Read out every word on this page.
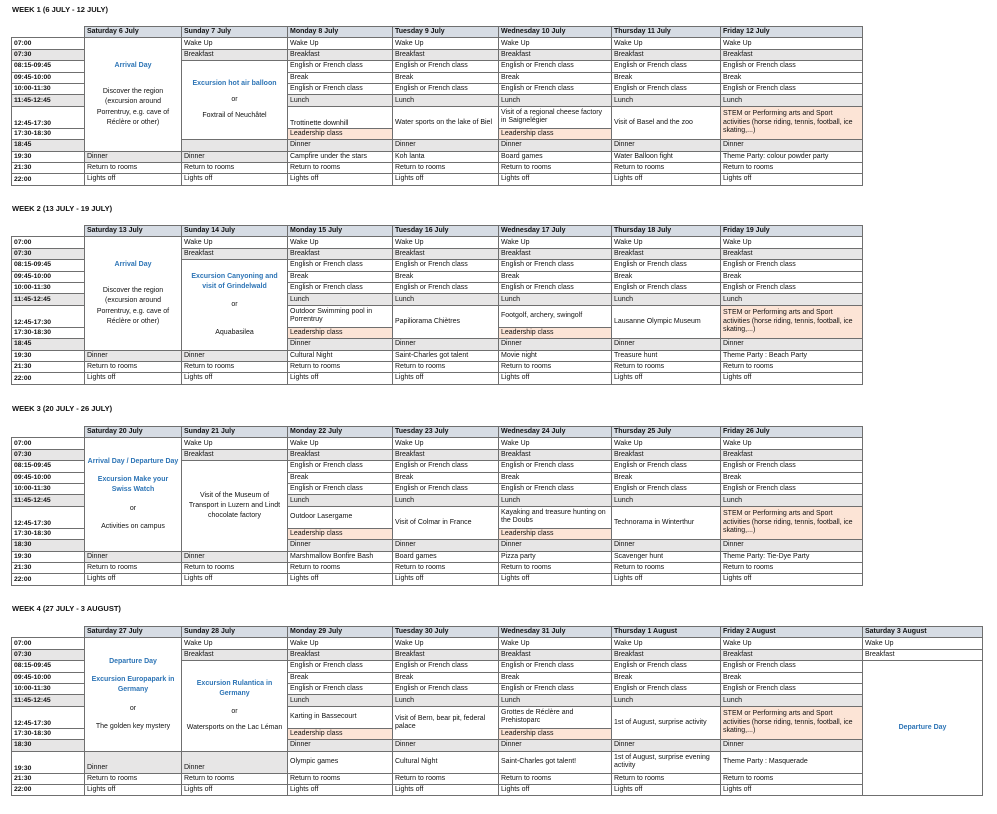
WEEK 1 (6 JULY - 12 JULY)
	Saturday 6 July	Sunday 7 July	Monday 8 July	Tuesday 9 July	Wednesday 10 July	Thursday 11 July	Friday 12 July
07:00	Arrival Day
Discover the region
(excursion around
Porrentruy, e.g. cave of
Réclère or other)	Wake Up	Wake Up	Wake Up	Wake Up	Wake Up	Wake Up
07:30		Breakfast	Breakfast	Breakfast	Breakfast	Breakfast	Breakfast
08:15-09:45		Excursion hot air balloon
or
Foxtrail of Neuchâtel	English or French class	English or French class	English or French class	English or French class	English or French class
09:45-10:00			Break	Break	Break	Break	Break
10:00-11:30			English or French class	English or French class	English or French class	English or French class	English or French class
11:45-12:45			Lunch	Lunch	Lunch	Lunch	Lunch
12:45-17:30			Trottinette downhill	Water sports on the lake of Biel	Visit of a regional cheese factory in Saignelégier	Visit of Basel and the zoo	STEM or Performing arts and Sport activities (horse riding, tennis, football, ice skating,...)
17:30-18:30			Leadership class		Leadership class		
18:45			Dinner	Dinner	Dinner	Dinner	Dinner
19:30	Dinner	Dinner	Campfire under the stars	Koh lanta	Board games	Water Balloon fight	Theme Party: colour powder party
21:30	Return to rooms	Return to rooms	Return to rooms	Return to rooms	Return to rooms	Return to rooms	Return to rooms
22:00	Lights off	Lights off	Lights off	Lights off	Lights off	Lights off	Lights off
WEEK 2 (13 JULY - 19 JULY)
	Saturday 13 July	Sunday 14 July	Monday 15 July	Tuesday 16 July	Wednesday 17 July	Thursday 18 July	Friday 19 July
07:00	Arrival Day
Discover the region
(excursion around
Porrentruy, e.g. cave of
Réclère or other)	Wake Up	Wake Up	Wake Up	Wake Up	Wake Up	Wake Up
07:30		Breakfast	Breakfast	Breakfast	Breakfast	Breakfast	Breakfast
08:15-09:45		Excursion Canyoning and visit of Grindelwald
or
Aquabasilea	English or French class	English or French class	English or French class	English or French class	English or French class
09:45-10:00			Break	Break	Break	Break	Break
10:00-11:30			English or French class	English or French class	English or French class	English or French class	English or French class
11:45-12:45			Lunch	Lunch	Lunch	Lunch	Lunch
12:45-17:30			Outdoor Swimming pool in Porrentruy	Papiliorama Chiètres	Footgolf, archery, swingolf	Lausanne Olympic Museum	STEM or Performing arts and Sport activities (horse riding, tennis, football, ice skating,...)
17:30-18:30			Leadership class		Leadership class		
18:45			Dinner	Dinner	Dinner	Dinner	Dinner
19:30	Dinner	Dinner	Cultural Night	Saint-Charles got talent	Movie night	Treasure hunt	Theme Party : Beach Party
21:30	Return to rooms	Return to rooms	Return to rooms	Return to rooms	Return to rooms	Return to rooms	Return to rooms
22:00	Lights off	Lights off	Lights off	Lights off	Lights off	Lights off	Lights off
WEEK 3 (20 JULY - 26 JULY)
	Saturday 20 July	Sunday 21 July	Monday 22 July	Tuesday 23 July	Wednesday 24 July	Thursday 25 July	Friday 26 July
07:00	Arrival Day / Departure Day
Excursion Make your Swiss Watch
or
Activities on campus	Wake Up	Wake Up	Wake Up	Wake Up	Wake Up	Wake Up
07:30		Breakfast	Breakfast	Breakfast	Breakfast	Breakfast	Breakfast
08:15-09:45		Visit of the Museum of Transport in Luzern and Lindt chocolate factory	English or French class	English or French class	English or French class	English or French class	English or French class
09:45-10:00			Break	Break	Break	Break	Break
10:00-11:30			English or French class	English or French class	English or French class	English or French class	English or French class
11:45-12:45			Lunch	Lunch	Lunch	Lunch	Lunch
12:45-17:30			Outdoor Lasergame	Visit of Colmar in France	Kayaking and treasure hunting on the Doubs	Technorama in Winterthur	STEM or Performing arts and Sport activities (horse riding, tennis, football, ice skating,...)
17:30-18:30			Leadership class		Leadership class		
18:30			Dinner	Dinner	Dinner	Dinner	Dinner
19:30	Dinner	Dinner	Marshmallow Bonfire Bash	Board games	Pizza party	Scavenger hunt	Theme Party: Tie-Dye Party
21:30	Return to rooms	Return to rooms	Return to rooms	Return to rooms	Return to rooms	Return to rooms	Return to rooms
22:00	Lights off	Lights off	Lights off	Lights off	Lights off	Lights off	Lights off
WEEK 4 (27 JULY - 3 AUGUST)
	Saturday 27 July	Sunday 28 July	Monday 29 July	Tuesday 30 July	Wednesday 31 July	Thursday 1 August	Friday 2 August	Saturday 3 August
07:00	Departure Day
Excursion Europapark in Germany
or
The golden key mystery	Wake Up	Wake Up	Wake Up	Wake Up	Wake Up	Wake Up	Wake Up
07:30		Breakfast	Breakfast	Breakfast	Breakfast	Breakfast	Breakfast	Breakfast
08:15-09:45		Excursion Rulantica in Germany
or
Watersports on the Lac Léman	English or French class	English or French class	English or French class	English or French class	English or French class	Departure Day

09:45-10:00			Break	Break	Break	Break	Break	
10:00-11:30			English or French class	English or French class	English or French class	English or French class	English or French class	
11:45-12:45			Lunch	Lunch	Lunch	Lunch	Lunch	
12:45-17:30			Karting in Bassecourt	Visit of Bern, bear pit, federal palace	Grottes de Réclère and Prehistoparc	1st of August, surprise activity	STEM or Performing arts and Sport activities (horse riding, tennis, football, ice skating,...)	
17:30-18:30			Leadership class		Leadership class			
18:30			Dinner	Dinner	Dinner	Dinner	Dinner	
19:30	Dinner	Dinner	Olympic games	Cultural Night	Saint-Charles got talent!	1st of August, surprise evening activity	Theme Party : Masquerade	
21:30	Return to rooms	Return to rooms	Return to rooms	Return to rooms	Return to rooms	Return to rooms	Return to rooms	
22:00	Lights off	Lights off	Lights off	Lights off	Lights off	Lights off	Lights off	
